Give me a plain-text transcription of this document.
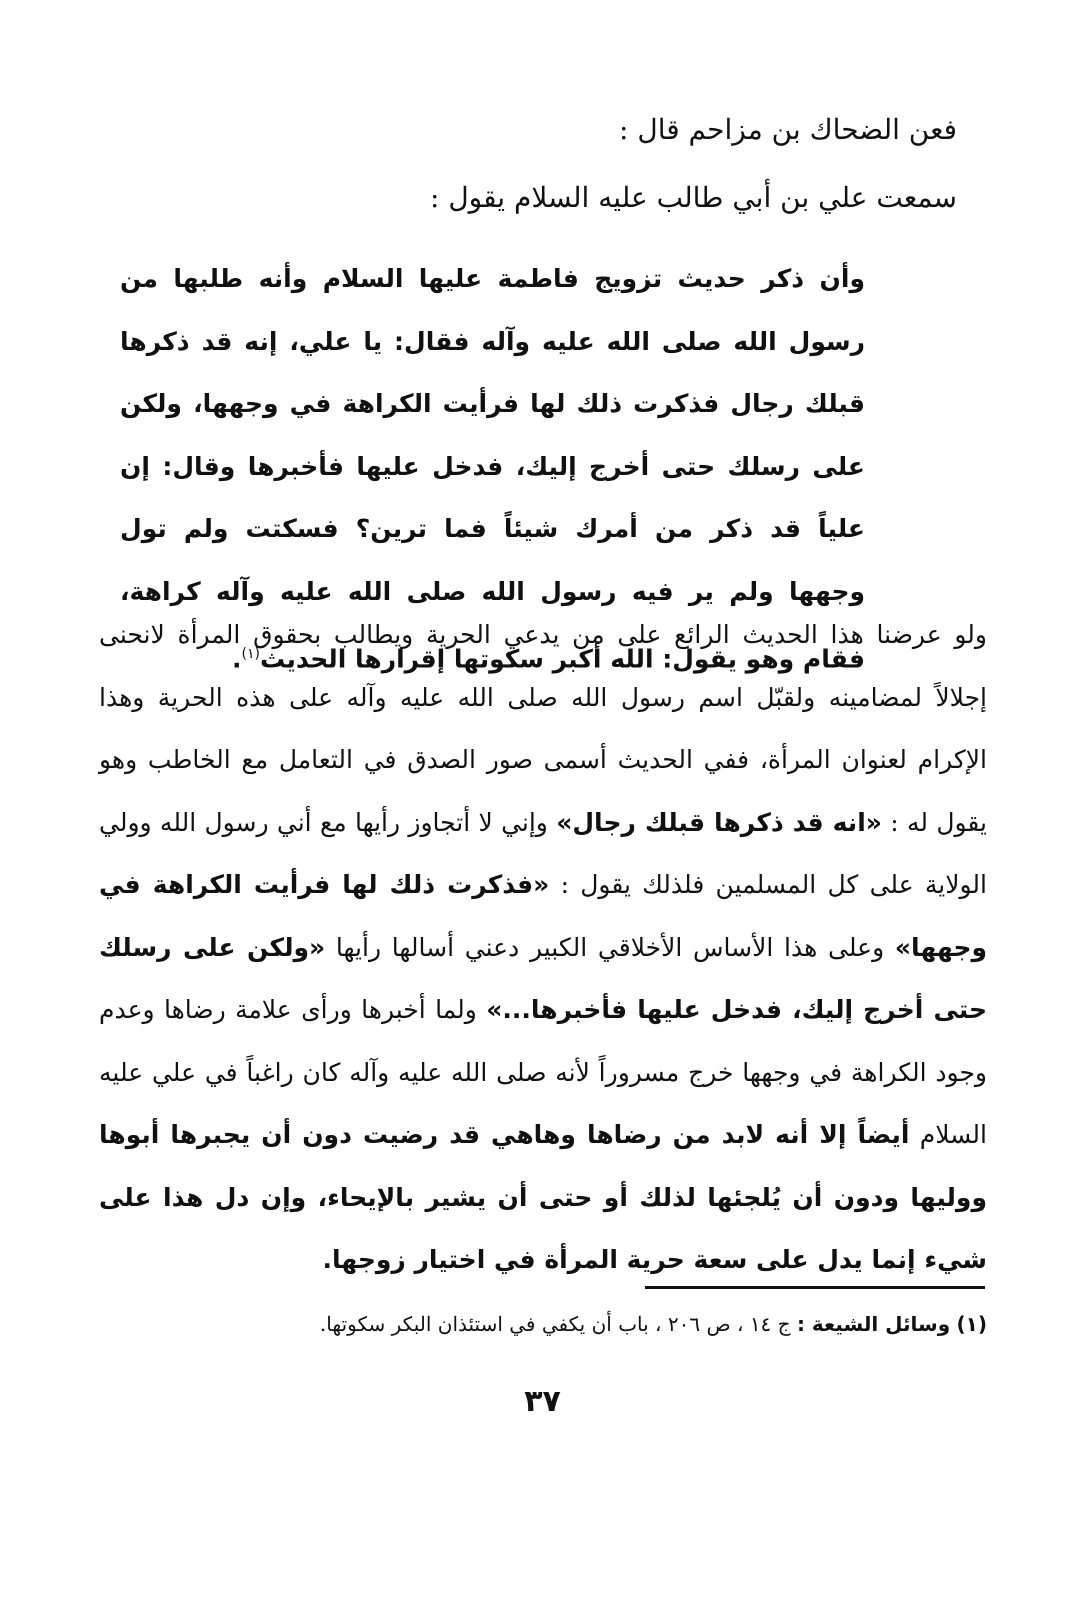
فعن الضحاك بن مزاحم قال :
سمعت علي بن أبي طالب عليه السلام يقول :
وأن ذكر حديث تزويج فاطمة عليها السلام وأنه طلبها من رسول الله صلى الله عليه وآله فقال: يا علي، إنه قد ذكرها قبلك رجال فذكرت ذلك لها فرأيت الكراهة في وجهها، ولكن على رسلك حتى أخرج إليك، فدخل عليها فأخبرها وقال: إن علياً قد ذكر من أمرك شيئاً فما ترين؟ فسكتت ولم تول وجهها ولم ير فيه رسول الله صلى الله عليه وآله كراهة، فقام وهو يقول: الله أكبر سكوتها إقرارها الحديث$^{(١)}$.
ولو عرضنا هذا الحديث الرائع على من يدعي الحرية ويطالب بحقوق المرأة لانحنى إجلالاً لمضامينه ولقبّل اسم رسول الله صلى الله عليه وآله على هذه الحرية وهذا الإكرام لعنوان المرأة، ففي الحديث أسمى صور الصدق في التعامل مع الخاطب وهو يقول له : «انه قد ذكرها قبلك رجال» وإني لا أتجاوز رأيها مع أني رسول الله وولي الولاية على كل المسلمين فلذلك يقول : «فذكرت ذلك لها فرأيت الكراهة في وجهها» وعلى هذا الأساس الأخلاقي الكبير دعني أسالها رأيها «ولكن على رسلك حتى أخرج إليك، فدخل عليها فأخبرها...» ولما أخبرها ورأى علامة رضاها وعدم وجود الكراهة في وجهها خرج مسروراً لأنه صلى الله عليه وآله كان راغباً في علي عليه السلام أيضاً إلا أنه لابد من رضاها وهاهي قد رضيت دون أن يجبرها أبوها ووليها ودون أن يُلجئها لذلك أو حتى أن يشير بالإيحاء، وإن دل هذا على شيء إنما يدل على سعة حرية المرأة في اختيار زوجها.
(١) وسائل الشيعة : ج ١٤ ، ص ٢٠٦ ، باب أن يكفي في استئذان البكر سكوتها.
٣٧
